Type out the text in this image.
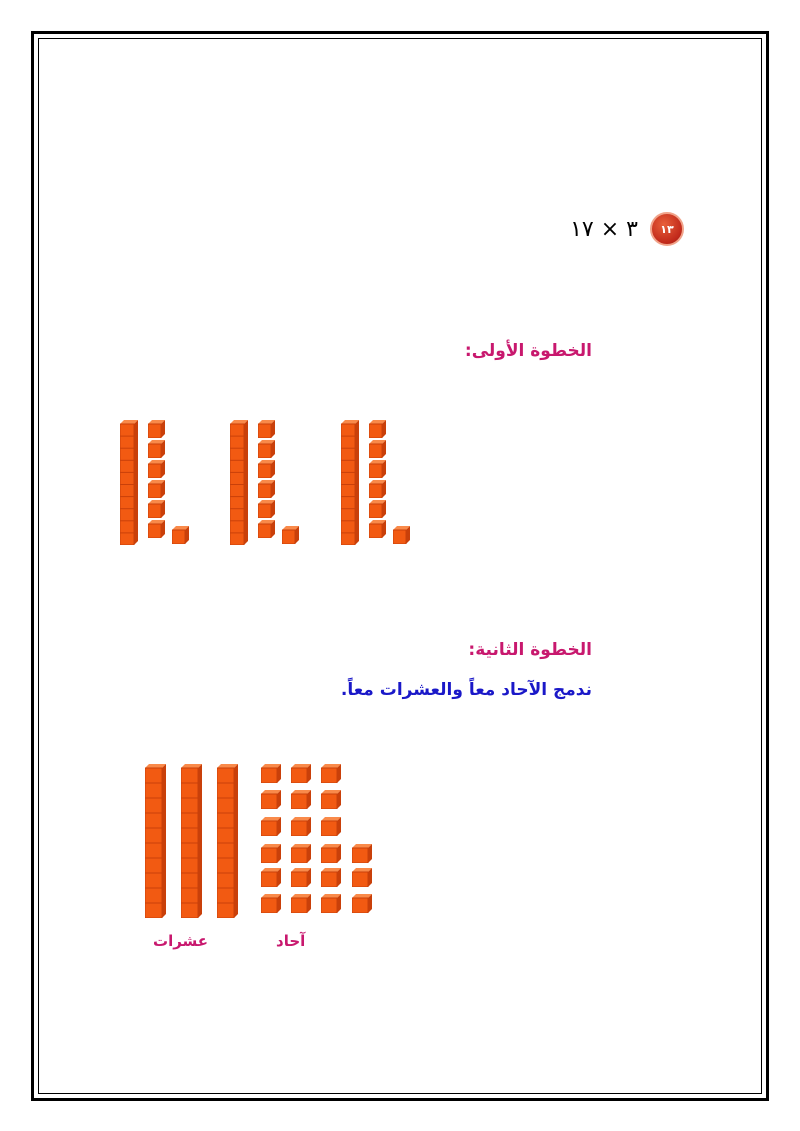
٣ × ١٧	١٣
الخطوة الأولى:
الخطوة الثانية:
ندمج الآحاد معاً والعشرات معاً.
عشرات	آحاد
